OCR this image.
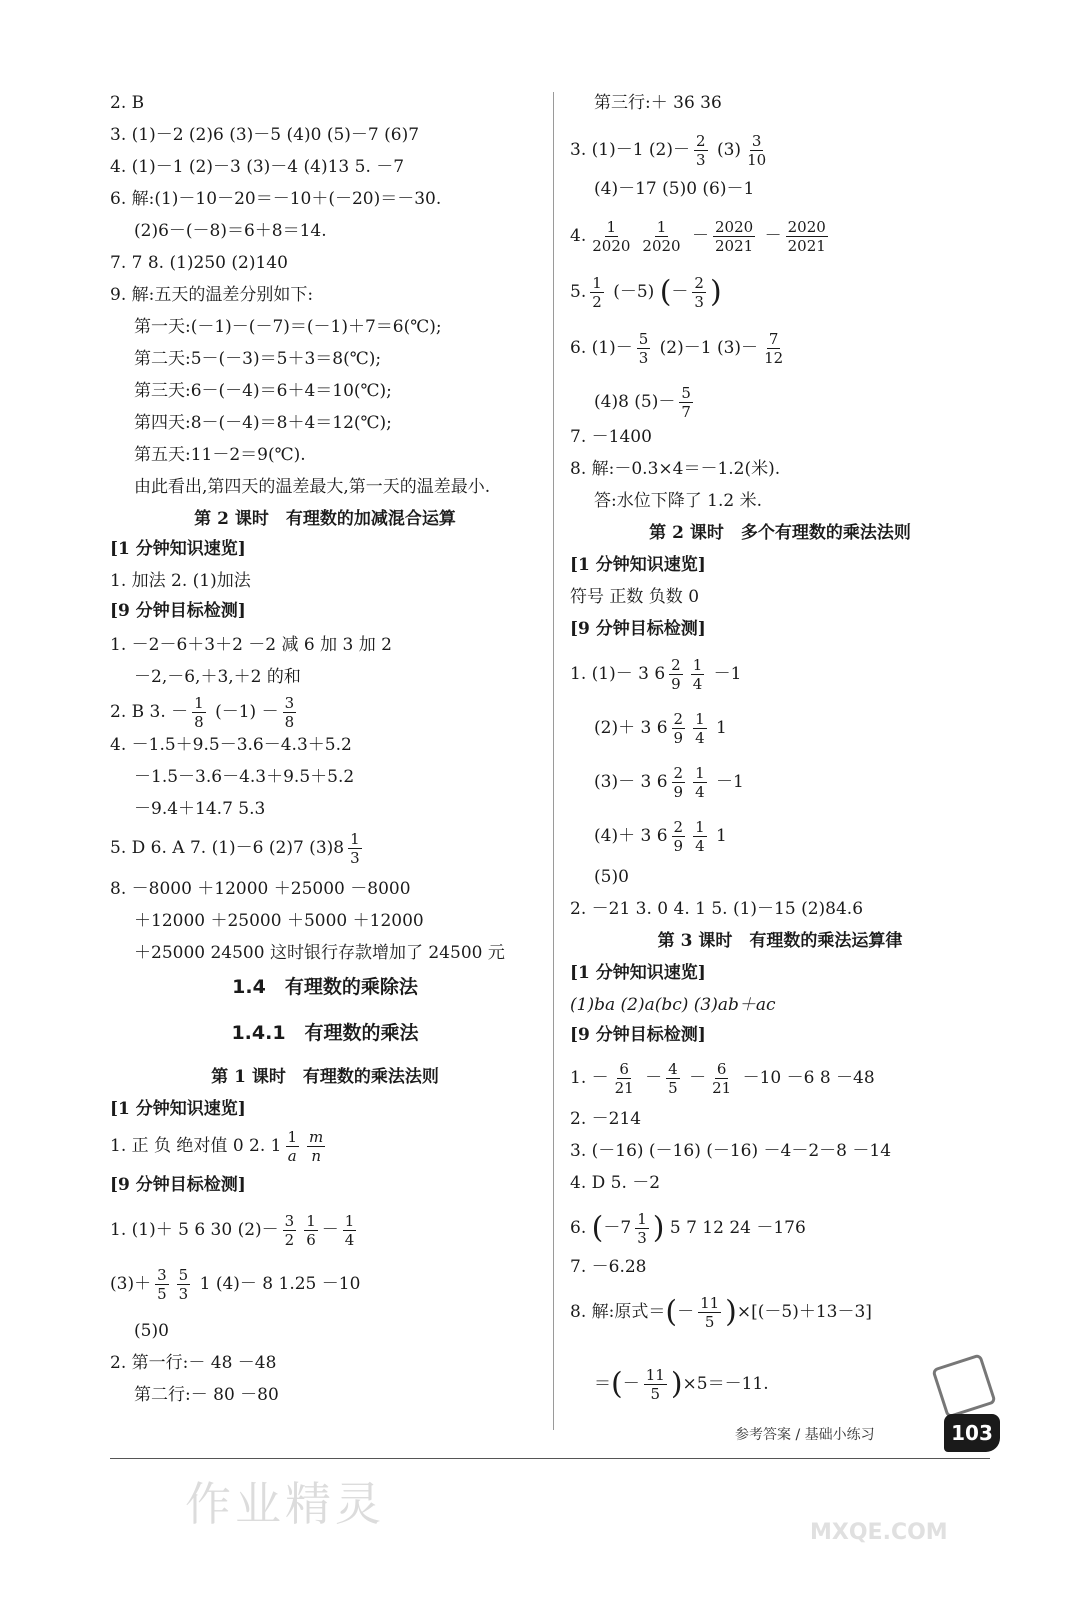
2. B
3. (1)－2 (2)6 (3)－5 (4)0 (5)－7 (6)7
4. (1)－1 (2)－3 (3)－4 (4)13 5. －7
6. 解:(1)－10－20＝－10＋(－20)＝－30.
(2)6－(－8)＝6＋8＝14.
7. 7 8. (1)250 (2)140
9. 解:五天的温差分别如下:
第一天:(－1)－(－7)＝(－1)＋7＝6(℃);
第二天:5－(－3)＝5＋3＝8(℃);
第三天:6－(－4)＝6＋4＝10(℃);
第四天:8－(－4)＝8＋4＝12(℃);
第五天:11－2＝9(℃).
由此看出,第四天的温差最大,第一天的温差最小.
第 2 课时　有理数的加减混合运算
[1 分钟知识速览]
1. 加法 2. (1)加法
[9 分钟目标检测]
1. －2－6＋3＋2 －2 减 6 加 3 加 2
－2,－6,＋3,＋2 的和
2. B 3. － $\frac{1}{8} (-1) - \frac{3}{8}$
4. －1.5＋9.5－3.6－4.3＋5.2
－1.5－3.6－4.3＋9.5＋5.2
－9.4＋14.7 5.3
5. D 6. A 7. (1)－6 (2)7 $(3)8 \frac{1}{3}$
8. －8000 ＋12000 ＋25000 －8000
＋12000 ＋25000 ＋5000 ＋12000
＋25000 24500 这时银行存款增加了 24500 元
1.4　有理数的乘除法
1.4.1　有理数的乘法
第 1 课时　有理数的乘法法则
[1 分钟知识速览]
1. 正 负 绝对值 0 2. $1 \frac{1}{a} \frac{m}{n}$
[9 分钟目标检测]
1. (1)＋ 5 6 30 $(2)- \frac{3}{2} \frac{1}{6} - \frac{1}{4}$
$(3)+ \frac{3}{5} \frac{5}{3} 1$ (4)－ 8 1.25 －10
(5)0
2. 第一行:－ 48 －48
第二行:－ 80 －80
第三行:＋ 36 36
3. (1)－1 $(2)- \frac{2}{3} (3) \frac{3}{10}$
(4)－17 (5)0 (6)－1
4. $\frac{1}{2020} \frac{1}{2020} - \frac{2020}{2021} - \frac{2020}{2021}$
5. $\frac{1}{2} (-5)$ (－ $\frac{2}{3}$ )
6. $(1)- \frac{5}{3} (2)-1$ $(3)- \frac{7}{12}$
(4)8 $(5)- \frac{5}{7}$
7. －1400
8. 解:－0.3×4＝－1.2(米).
答:水位下降了 1.2 米.
第 2 课时　多个有理数的乘法法则
[1 分钟知识速览]
符号 正数 负数 0
[9 分钟目标检测]
1. (1)－ 3 $6 \frac{2}{9} \frac{1}{4} -1$
(2)＋ 3 $6 \frac{2}{9} \frac{1}{4} 1$
(3)－ 3 $6 \frac{2}{9} \frac{1}{4} -1$
(4)＋ 3 $6 \frac{2}{9} \frac{1}{4} 1$
(5)0
2. －21 3. 0 4. 1 5. (1)－15 (2)84.6
第 3 课时　有理数的乘法运算律
[1 分钟知识速览]
(1)ba (2)a(bc) (3)ab＋ac
[9 分钟目标检测]
1. － $\frac{6}{21} - \frac{4}{5} - \frac{6}{21} -10 -6$ 8 －48
2. －214
3. (－16) (－16) (－16) －4－2－8 －14
4. D 5. －2
6. ($-7 \frac{1}{3}$ ) 5 7 12 24 －176
7. －6.28
8. 解:原式＝(－ $\frac{11}{5} )\times[(-5)+13-3]$
＝(－ $\frac{11}{5} )\times 5=-11$.
参考答案 / 基础小练习	103
作业精灵
MXQE.COM
